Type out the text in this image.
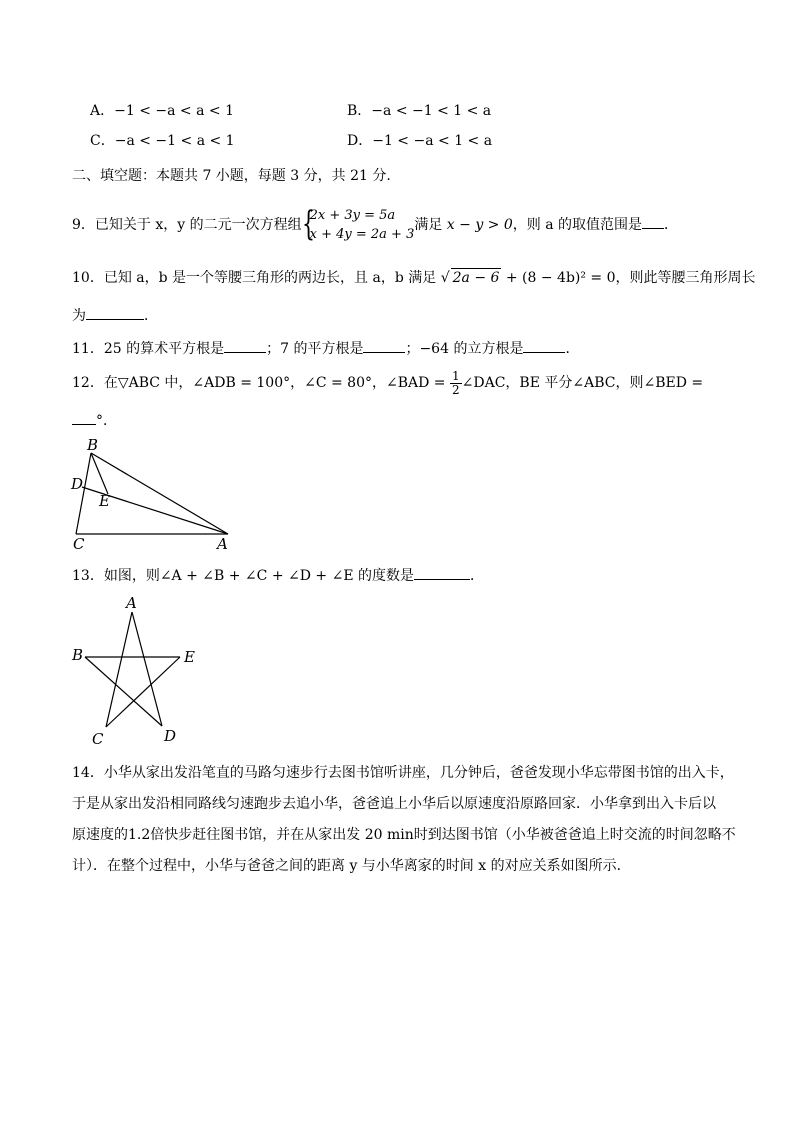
A．−1 < −a < a < 1	B．−a < −1 < 1 < a
C．−a < −1 < a < 1	D．−1 < −a < 1 < a
二、填空题：本题共 7 小题，每题 3 分，共 21 分.
9．已知关于 x，y 的二元一次方程组 {
2x + 3y = 5a
x + 4y = 2a + 3
满足 x − y > 0，则 a 的取值范围是 ．
10．已知 a，b 是一个等腰三角形的两边长，且 a，b 满足 √ 2a − 6 + (8 − 4b)² = 0，则此等腰三角形周长
为	．
11．25 的算术平方根是	；7 的平方根是	；−64 的立方根是	．
12．在▽ABC 中，∠ADB = 100°，∠C = 80°，∠BAD = $\frac{1}{2}$ ∠DAC，BE 平分∠ABC，则∠BED =
°．
B
D
E
C	A
13．如图，则∠A + ∠B + ∠C + ∠D + ∠E 的度数是	．
A
B	E
C	D
14．小华从家出发沿笔直的马路匀速步行去图书馆听讲座，几分钟后，爸爸发现小华忘带图书馆的出入卡，
于是从家出发沿相同路线匀速跑步去追小华，爸爸追上小华后以原速度沿原路回家．小华拿到出入卡后以
原速度的1.2倍快步赶往图书馆，并在从家出发 20 min时到达图书馆（小华被爸爸追上时交流的时间忽略不
计）．在整个过程中，小华与爸爸之间的距离 y 与小华离家的时间 x 的对应关系如图所示．
